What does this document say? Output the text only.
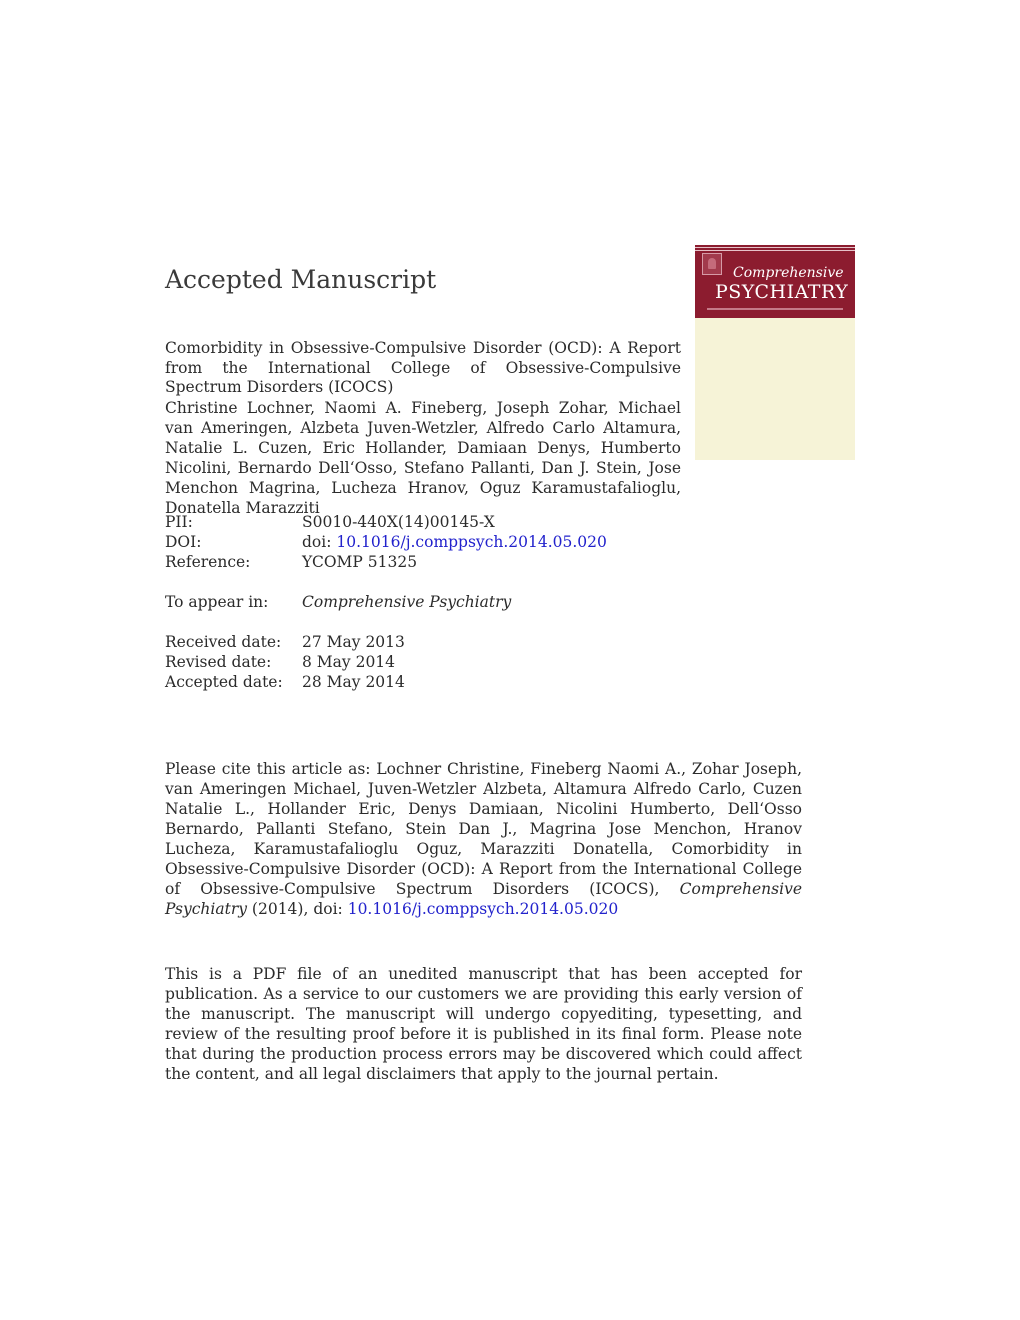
Accepted Manuscript	Comprehensive
PSYCHIATRY
Comorbidity in Obsessive-Compulsive Disorder (OCD): A Report from the International College of Obsessive-Compulsive Spectrum Disorders (ICOCS)

Christine Lochner, Naomi A. Fineberg, Joseph Zohar, Michael van Ameringen, Alzbeta Juven-Wetzler, Alfredo Carlo Altamura, Natalie L. Cuzen, Eric Hollander, Damiaan Denys, Humberto Nicolini, Bernardo Dell‘Osso, Stefano Pallanti, Dan J. Stein, Jose Menchon Magrina, Lucheza Hranov, Oguz Karamustafalioglu, Donatella Marazziti

PII:	S0010-440X(14)00145-X
DOI:	doi: 10.1016/j.comppsych.2014.05.020
Reference:	YCOMP 51325
To appear in: Comprehensive Psychiatry
Received date: 27 May 2013
Revised date: 8 May 2014
Accepted date: 28 May 2014

Please cite this article as: Lochner Christine, Fineberg Naomi A., Zohar Joseph, van Ameringen Michael, Juven-Wetzler Alzbeta, Altamura Alfredo Carlo, Cuzen Natalie L., Hollander Eric, Denys Damiaan, Nicolini Humberto, Dell‘Osso Bernardo, Pallanti Stefano, Stein Dan J., Magrina Jose Menchon, Hranov Lucheza, Karamustafalioglu Oguz, Marazziti Donatella, Comorbidity in Obsessive-Compulsive Disorder (OCD): A Report from the International College of Obsessive-Compulsive Spectrum Disorders (ICOCS), Comprehensive Psychiatry (2014), doi: 10.1016/j.comppsych.2014.05.020

This is a PDF file of an unedited manuscript that has been accepted for publication. As a service to our customers we are providing this early version of the manuscript. The manuscript will undergo copyediting, typesetting, and review of the resulting proof before it is published in its final form. Please note that during the production process errors may be discovered which could affect the content, and all legal disclaimers that apply to the journal pertain.
